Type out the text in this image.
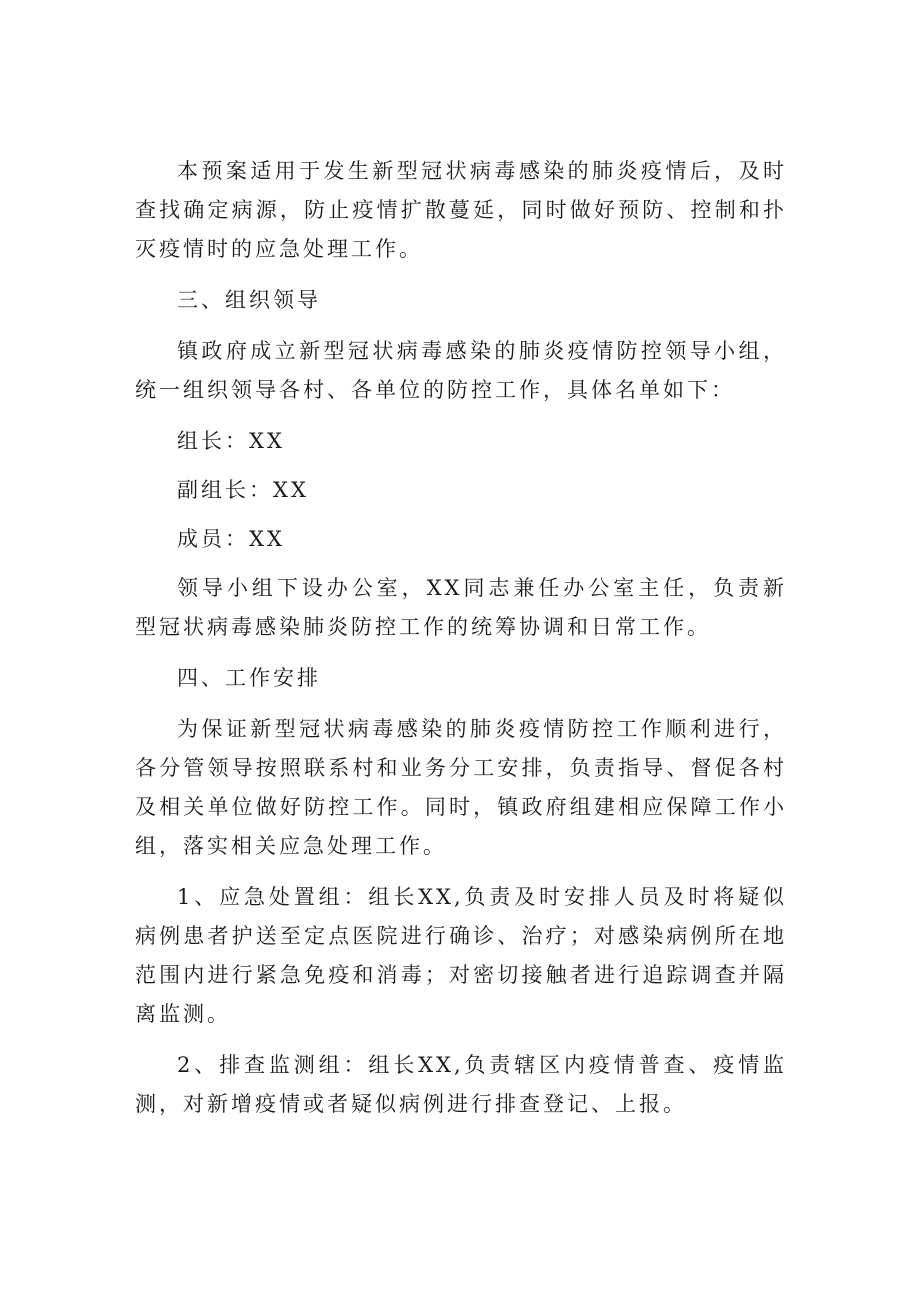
本预案适用于发生新型冠状病毒感染的肺炎疫情后，及时查找确定病源，防止疫情扩散蔓延，同时做好预防、控制和扑灭疫情时的应急处理工作。

三、组织领导

镇政府成立新型冠状病毒感染的肺炎疫情防控领导小组，统一组织领导各村、各单位的防控工作，具体名单如下：

组长：XX

副组长：XX

成员：XX

领导小组下设办公室，XX同志兼任办公室主任，负责新型冠状病毒感染肺炎防控工作的统筹协调和日常工作。

四、工作安排

为保证新型冠状病毒感染的肺炎疫情防控工作顺利进行，各分管领导按照联系村和业务分工安排，负责指导、督促各村及相关单位做好防控工作。同时，镇政府组建相应保障工作小组，落实相关应急处理工作。

1、应急处置组：组长XX,负责及时安排人员及时将疑似病例患者护送至定点医院进行确诊、治疗；对感染病例所在地范围内进行紧急免疫和消毒；对密切接触者进行追踪调查并隔离监测。

2、排查监测组：组长XX,负责辖区内疫情普查、疫情监测，对新增疫情或者疑似病例进行排查登记、上报。
